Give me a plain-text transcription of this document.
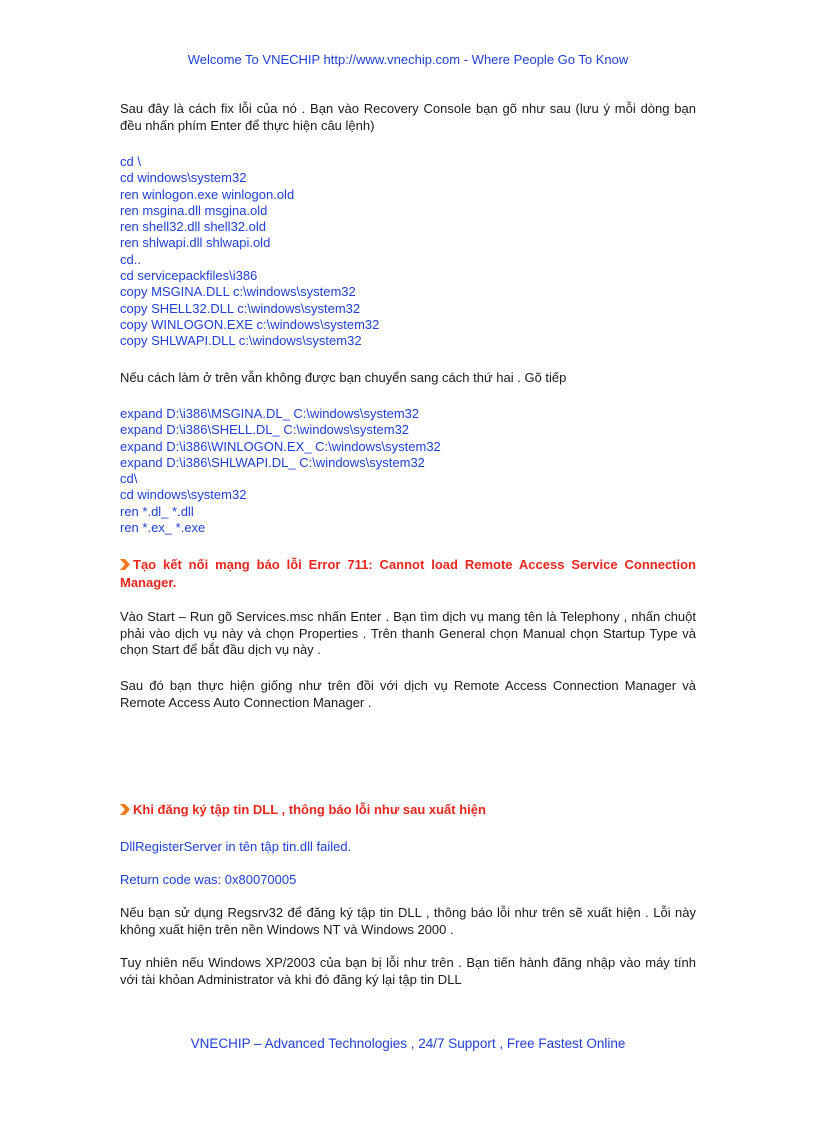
Welcome To VNECHIP http://www.vnechip.com - Where People Go To Know

Sau đây là cách fix lỗi của nó . Bạn vào Recovery Console bạn gõ như sau (lưu ý mỗi dòng bạn đều nhấn phím Enter để thực hiện câu lệnh)

cd \
cd windows\system32
ren winlogon.exe winlogon.old
ren msgina.dll msgina.old
ren shell32.dll shell32.old
ren shlwapi.dll shlwapi.old
cd..
cd servicepackfiles\i386
copy MSGINA.DLL c:\windows\system32
copy SHELL32.DLL c:\windows\system32
copy WINLOGON.EXE c:\windows\system32
copy SHLWAPI.DLL c:\windows\system32

Nếu cách làm ở trên vẫn không được bạn chuyển sang cách thứ hai . Gõ tiếp

expand D:\i386\MSGINA.DL_ C:\windows\system32
expand D:\i386\SHELL.DL_ C:\windows\system32
expand D:\i386\WINLOGON.EX_ C:\windows\system32
expand D:\i386\SHLWAPI.DL_ C:\windows\system32
cd\
cd windows\system32
ren *.dl_ *.dll
ren *.ex_ *.exe
Tạo kết nối mạng báo lỗi Error 711: Cannot load Remote Access Service Connection Manager.

Vào Start – Run gõ Services.msc nhấn Enter . Bạn tìm dịch vụ mang tên là Telephony , nhấn chuột phải vào dịch vụ này và chọn Properties . Trên thanh General chọn Manual chọn Startup Type và chọn Start để bắt đầu dịch vụ này .

Sau đó bạn thực hiện giống như trên đồi với dịch vụ Remote Access Connection Manager và Remote Access Auto Connection Manager .

Khi đăng ký tập tin DLL , thông báo lỗi như sau xuất hiện

DllRegisterServer in tên tập tin.dll failed.

Return code was: 0x80070005

Nếu bạn sử dụng Regsrv32 để đăng ký tập tin DLL , thông báo lỗi như trên sẽ xuất hiện . Lỗi này không xuất hiện trên nền Windows NT và Windows 2000 .

Tuy nhiên nếu Windows XP/2003 của bạn bị lỗi như trên . Bạn tiến hành đăng nhập vào máy tính với tài khỏan Administrator và khi đó đăng ký lại tập tin DLL

VNECHIP – Advanced Technologies , 24/7 Support , Free Fastest Online
